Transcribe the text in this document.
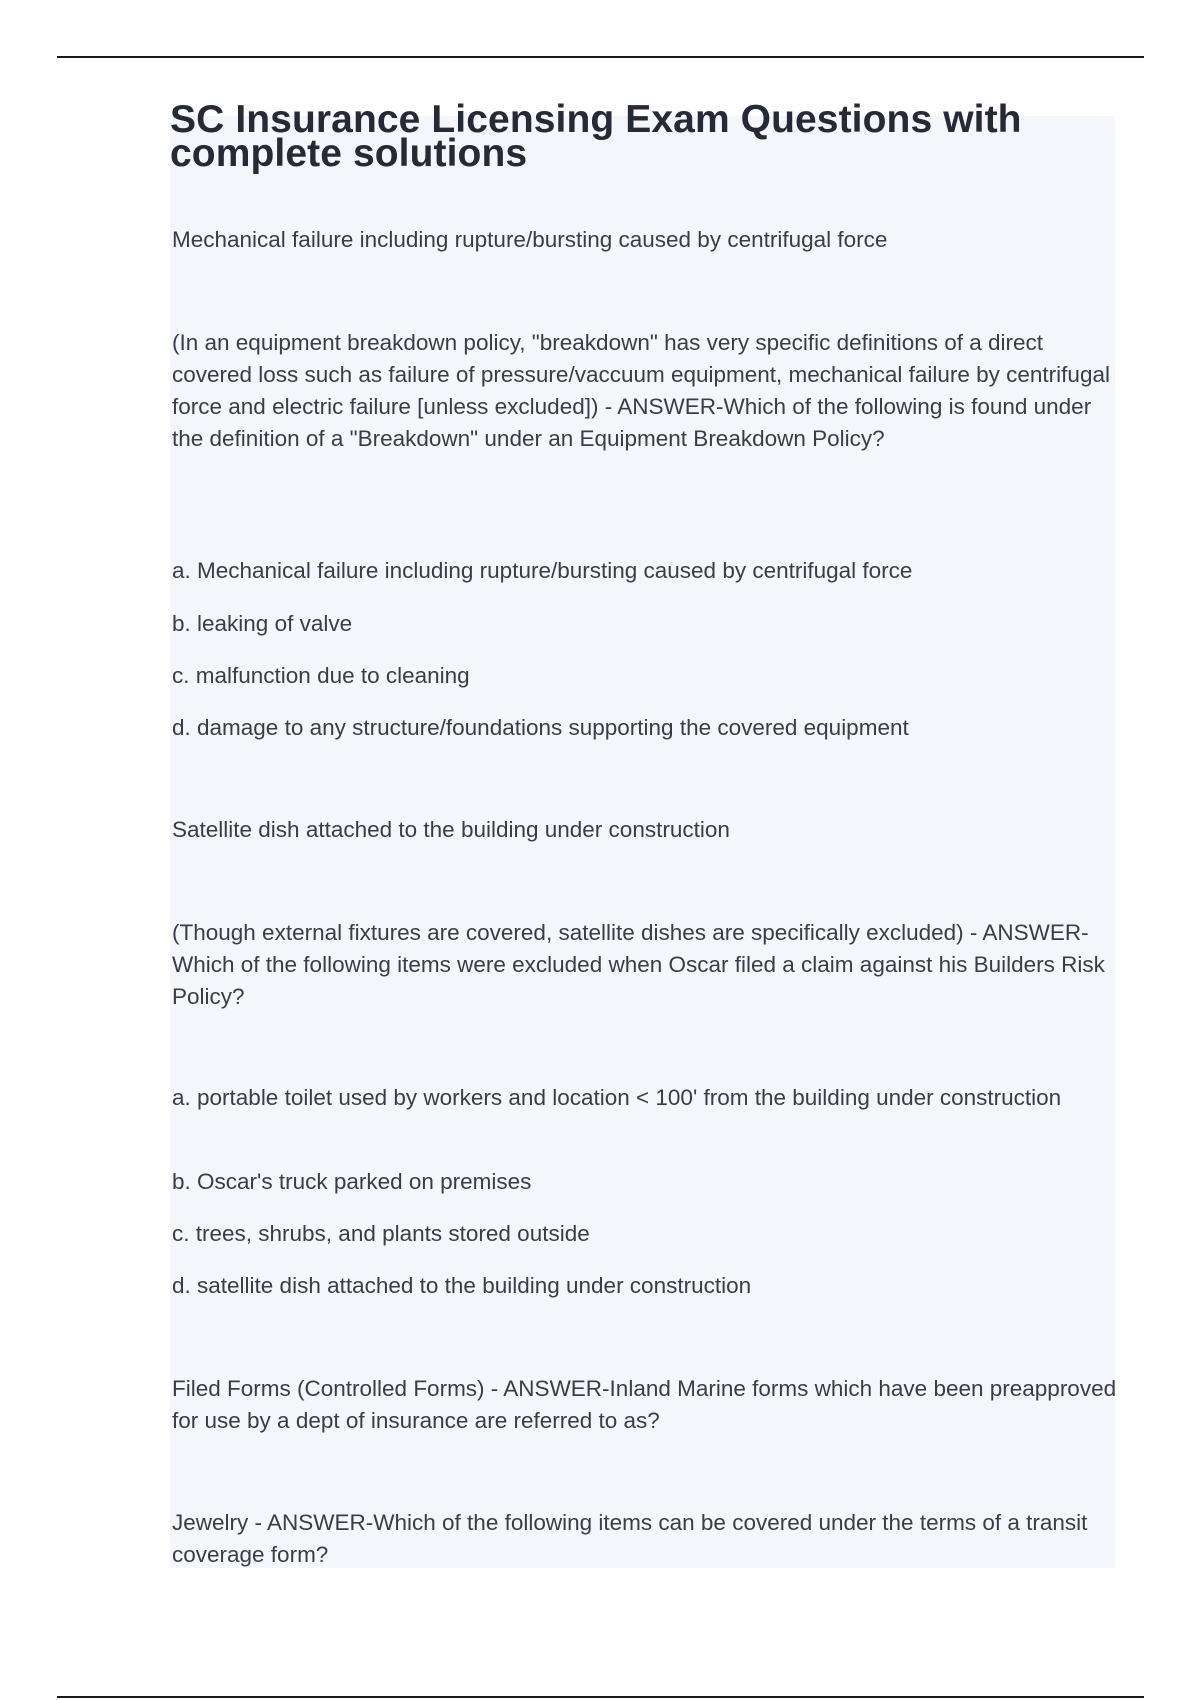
SC Insurance Licensing Exam Questions with complete solutions

Mechanical failure including rupture/bursting caused by centrifugal force

(In an equipment breakdown policy, "breakdown" has very specific definitions of a direct covered loss such as failure of pressure/vaccuum equipment, mechanical failure by centrifugal force and electric failure [unless excluded]) - ANSWER-Which of the following is found under the definition of a "Breakdown" under an Equipment Breakdown Policy?

a. Mechanical failure including rupture/bursting caused by centrifugal force

b. leaking of valve

c. malfunction due to cleaning

d. damage to any structure/foundations supporting the covered equipment

Satellite dish attached to the building under construction

(Though external fixtures are covered, satellite dishes are specifically excluded) - ANSWER-Which of the following items were excluded when Oscar filed a claim against his Builders Risk Policy?

a. portable toilet used by workers and location < 100' from the building under construction

b. Oscar's truck parked on premises

c. trees, shrubs, and plants stored outside

d. satellite dish attached to the building under construction

Filed Forms (Controlled Forms) - ANSWER-Inland Marine forms which have been preapproved for use by a dept of insurance are referred to as?

Jewelry - ANSWER-Which of the following items can be covered under the terms of a transit coverage form?
